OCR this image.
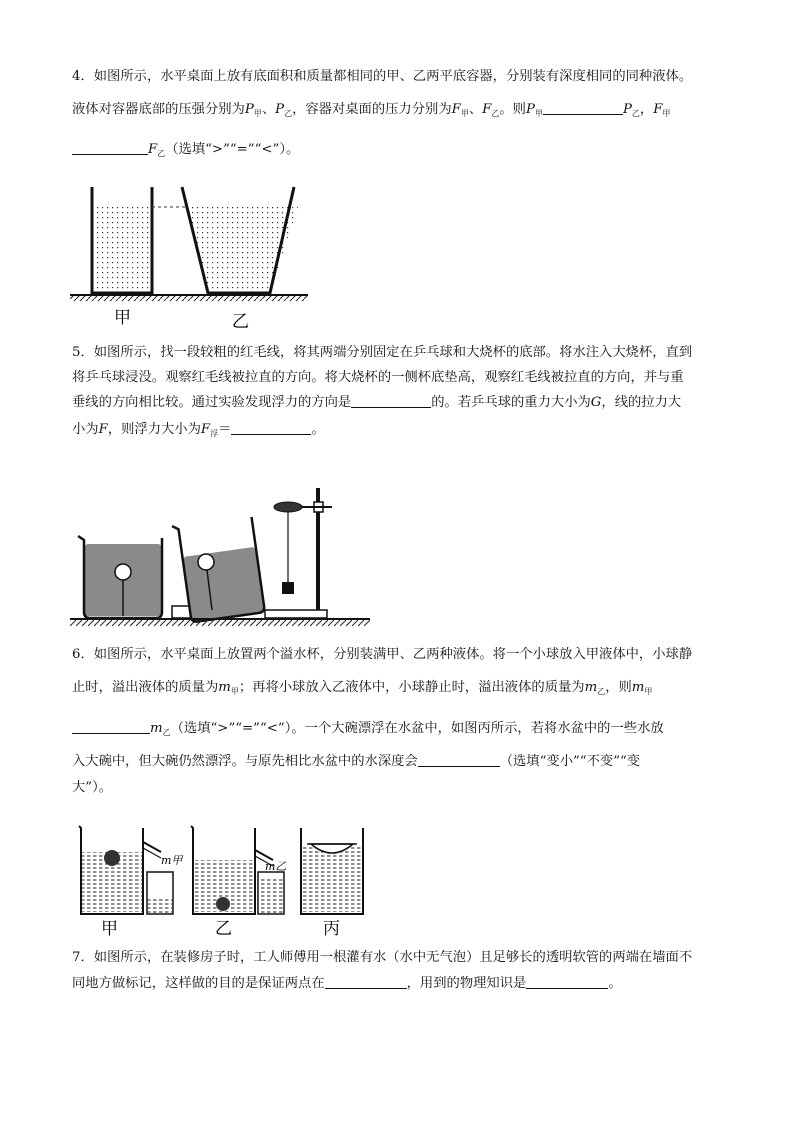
4．如图所示，水平桌面上放有底面积和质量都相同的甲、乙两平底容器，分别装有深度相同的同种液体。
液体对容器底部的压强分别为$P_甲$、$P_乙$，容器对桌面的压力分别为$F_甲$、$F_乙$。则$P_甲$	$P_乙$，$F_甲$
$F_乙$（选填“>”“=”“<”）。
甲	乙
5．如图所示，找一段较粗的红毛线，将其两端分别固定在乒乓球和大烧杯的底部。将水注入大烧杯，直到
将乒乓球浸没。观察红毛线被拉直的方向。将大烧杯的一侧杯底垫高，观察红毛线被拉直的方向，并与重
垂线的方向相比较。通过实验发现浮力的方向是	的。若乒乓球的重力大小为G，线的拉力大
小为F，则浮力大小为$F_浮=$	。
6．如图所示，水平桌面上放置两个溢水杯，分别装满甲、乙两种液体。将一个小球放入甲液体中，小球静
止时，溢出液体的质量为$m_甲$；再将小球放入乙液体中，小球静止时，溢出液体的质量为$m_乙$，则$m_甲$
$m_乙$（选填“>”“=”“<”）。一个大碗漂浮在水盆中，如图丙所示，若将水盆中的一些水放
入大碗中，但大碗仍然漂浮。与原先相比水盆中的水深度会	（选填“变小”“不变”“变
大”）。
m甲	m乙
甲	乙	丙
7．如图所示，在装修房子时，工人师傅用一根灌有水（水中无气泡）且足够长的透明软管的两端在墙面不
同地方做标记，这样做的目的是保证两点在	，用到的物理知识是	。
